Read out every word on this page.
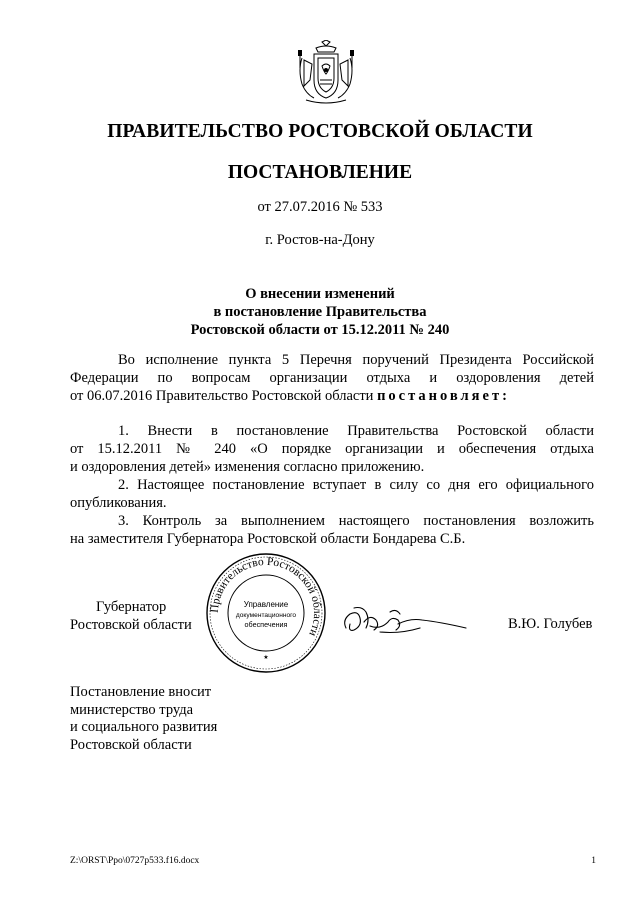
ПРАВИТЕЛЬСТВО РОСТОВСКОЙ ОБЛАСТИ
ПОСТАНОВЛЕНИЕ
от 27.07.2016 № 533
г. Ростов-на-Дону
О внесении изменений
в постановление Правительства
Ростовской области от 15.12.2011 № 240
Во исполнение пункта 5 Перечня поручений Президента Российской
Федерации по вопросам организации отдыха и оздоровления детей
от 06.07.2016 Правительство Ростовской области постановляет:

1. Внести в постановление Правительства Ростовской области
от 15.12.2011 № 240 «О порядке организации и обеспечения отдыха
и оздоровления детей» изменения согласно приложению.

2. Настоящее постановление вступает в силу со дня его официального
опубликования.

3. Контроль за выполнением настоящего постановления возложить
на заместителя Губернатора Ростовской области Бондарева С.Б.

Губернатор
Ростовской области
Правительство Ростовской области
Управление
документационного
обеспечения
★
В.Ю. Голубев
Постановление вносит
министерство труда
и социального развития
Ростовской области
Z:\ORST\Ppo\0727p533.f16.docx	1
